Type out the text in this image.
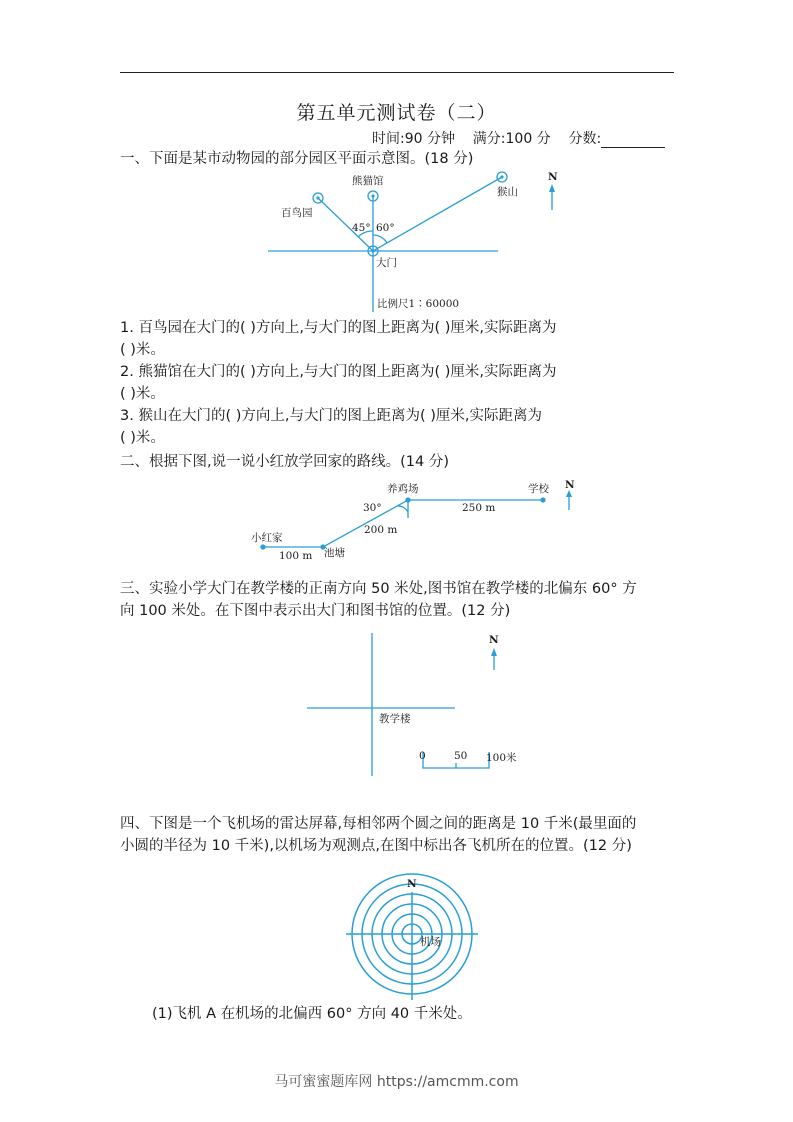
第五单元测试卷（二）
时间:90 分钟 满分:100 分 分数:
一、下面是某市动物园的部分园区平面示意图。(18 分)
百鸟园
熊猫馆
猴山
N
45° 60°
大门
比例尺1∶60000
1. 百鸟园在大门的( )方向上,与大门的图上距离为( )厘米,实际距离为
( )米。
2. 熊猫馆在大门的( )方向上,与大门的图上距离为( )厘米,实际距离为
( )米。
3. 猴山在大门的( )方向上,与大门的图上距离为( )厘米,实际距离为
( )米。
二、根据下图,说一说小红放学回家的路线。(14 分)
养鸡场	学校 N
30°	250 m
200 m
小红家
100 m 池塘
三、实验小学大门在教学楼的正南方向 50 米处,图书馆在教学楼的北偏东 60° 方
向 100 米处。在下图中表示出大门和图书馆的位置。(12 分)
N
教学楼
0	50 100米
四、下图是一个飞机场的雷达屏幕,每相邻两个圆之间的距离是 10 千米(最里面的
小圆的半径为 10 千米),以机场为观测点,在图中标出各飞机所在的位置。(12 分)
N
机场
(1)飞机 A 在机场的北偏西 60° 方向 40 千米处。
马可蜜蜜题库网 https://amcmm.com
